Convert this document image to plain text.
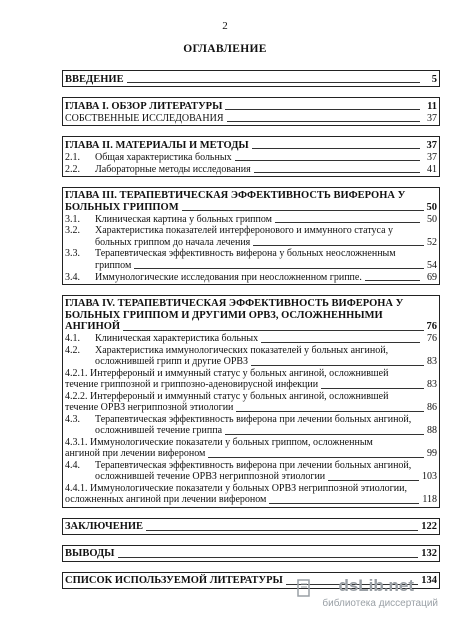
2
ОГЛАВЛЕНИЕ
ВВЕДЕНИЕ	5
ГЛАВА I. ОБЗОР ЛИТЕРАТУРЫ	11
СОБСТВЕННЫЕ ИССЛЕДОВАНИЯ	37
ГЛАВА II. МАТЕРИАЛЫ И МЕТОДЫ	37
2.1.	Общая характеристика больных	37
2.2.	Лабораторные методы исследования	41
ГЛАВА III. ТЕРАПЕВТИЧЕСКАЯ ЭФФЕКТИВНОСТЬ ВИФЕРОНА У
БОЛЬНЫХ ГРИППОМ	50
3.1.	Клиническая картина у больных гриппом	50
3.2.	Характеристика показателей интерферонового и иммунного статуса у
больных гриппом до начала лечения	52
3.3.	Терапевтическая эффективность виферона у больных неосложненным
гриппом	54
3.4.	Иммунологические исследования при неосложненном гриппе.	69
ГЛАВА IV. ТЕРАПЕВТИЧЕСКАЯ ЭФФЕКТИВНОСТЬ ВИФЕРОНА У
БОЛЬНЫХ ГРИППОМ И ДРУГИМИ ОРВЗ, ОСЛОЖНЕННЫМИ
АНГИНОЙ	76
4.1.	Клиническая характеристика больных	76
4.2.	Характеристика иммунологических показателей у больных ангиной,
осложнившей грипп и другие ОРВЗ	83
4.2.1. Интерфероный и иммунный статус у больных ангиной, осложнившей
течение гриппозной и гриппозно-аденовирусной инфекции	83
4.2.2. Интерфероный и иммунный статус у больных ангиной, осложнившей
течение ОРВЗ негриппозной этиологии	86
4.3.	Терапевтическая эффективность виферона при лечении больных ангиной,
осложнившей течение гриппа	88
4.3.1. Иммунологические показатели у больных гриппом, осложненным
ангиной при лечении вифероном	99
4.4.	Терапевтическая эффективность виферона при лечении больных ангиной,
осложнившей течение ОРВЗ негриппозной этиологии	103
4.4.1. Иммунологические показатели у больных ОРВЗ негриппозной этиологии,
осложненных ангиной при лечении вифероном	118
ЗАКЛЮЧЕНИЕ	122
ВЫВОДЫ	132
СПИСОК ИСПОЛЬЗУЕМОЙ ЛИТЕРАТУРЫ	134
dsLib.net
библиотека диссертаций
